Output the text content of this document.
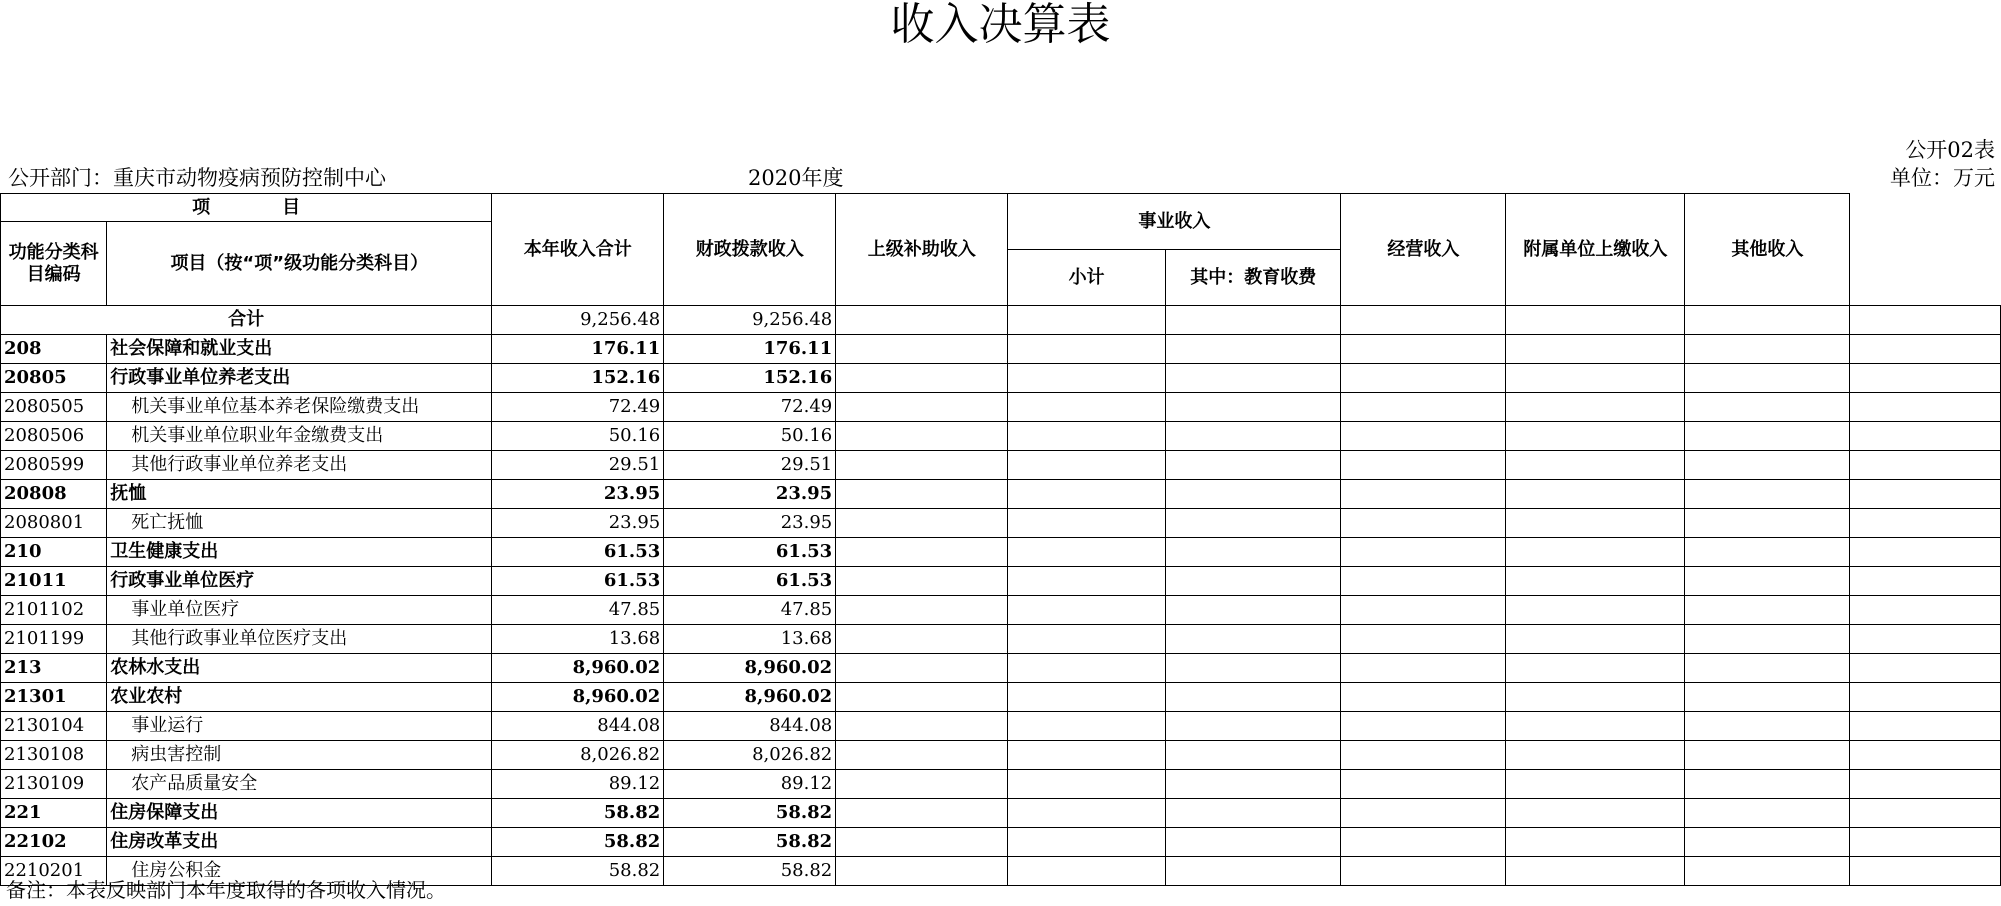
收入决算表
公开02表
公开部门：重庆市动物疫病预防控制中心	2020年度	单位：万元
项　　　　目		本年收入合计	财政拨款收入	上级补助收入	事业收入		经营收入	附属单位上缴收入	其他收入	
功能分类科目编码	项目（按“项”级功能分类科目）									
					小计	其中：教育收费				
合计		9,256.48	9,256.48							
208	社会保障和就业支出	176.11	176.11							
20805	行政事业单位养老支出	152.16	152.16							
2080505	机关事业单位基本养老保险缴费支出	72.49	72.49							
2080506	机关事业单位职业年金缴费支出	50.16	50.16							
2080599	其他行政事业单位养老支出	29.51	29.51							
20808	抚恤	23.95	23.95							
2080801	死亡抚恤	23.95	23.95							
210	卫生健康支出	61.53	61.53							
21011	行政事业单位医疗	61.53	61.53							
2101102	事业单位医疗	47.85	47.85							
2101199	其他行政事业单位医疗支出	13.68	13.68							
213	农林水支出	8,960.02	8,960.02							
21301	农业农村	8,960.02	8,960.02							
2130104	事业运行	844.08	844.08							
2130108	病虫害控制	8,026.82	8,026.82							
2130109	农产品质量安全	89.12	89.12							
221	住房保障支出	58.82	58.82							
22102	住房改革支出	58.82	58.82							
2210201	住房公积金	58.82	58.82							
备注：本表反映部门本年度取得的各项收入情况。
